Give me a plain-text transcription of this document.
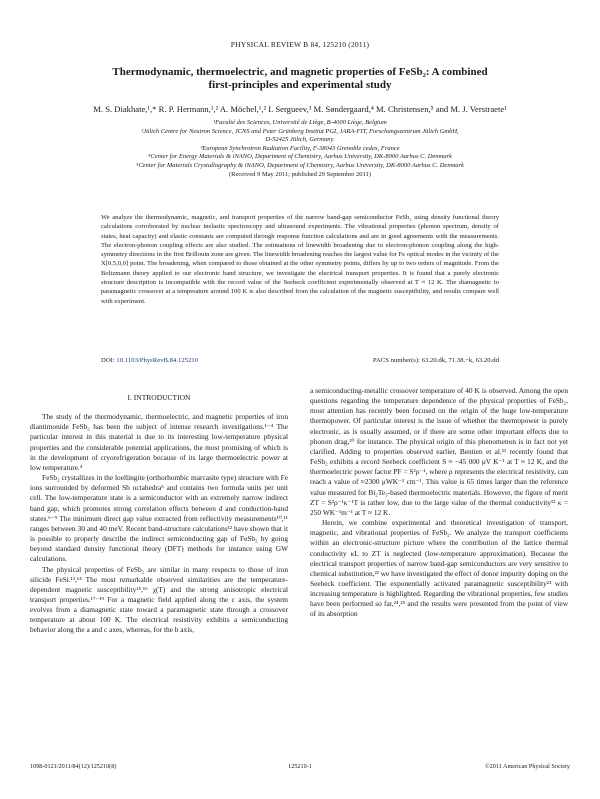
PHYSICAL REVIEW B 84, 125210 (2011)
Thermodynamic, thermoelectric, and magnetic properties of FeSb₂: A combined
first-principles and experimental study
M. S. Diakhate,¹,* R. P. Hermann,¹,² A. Möchel,¹,² I. Sergueev,³ M. Søndergaard,⁴ M. Christensen,⁵ and M. J. Verstraete¹
¹Faculté des Sciences, Université de Liège, B-4000 Liège, Belgium
²Jülich Centre for Neutron Science, JCNS and Peter Grünberg Institut PGI, JARA-FIT, Forschungszentrum Jülich GmbH,
D-52425 Jülich, Germany.
³European Synchrotron Radiation Facility, F-38043 Grenoble cedex, France
⁴Center for Energy Materials & iNANO, Department of Chemistry, Aarhus University, DK-8000 Aarhus C. Denmark
⁵Center for Materials Crystallography & iNANO, Department of Chemistry, Aarhus University, DK-8000 Aarhus C. Denmark
(Received 9 May 2011; published 29 September 2011)
We analyze the thermodynamic, magnetic, and transport properties of the narrow band-gap semiconductor FeSb₂ using density functional theory calculations corroborated by nuclear inelastic spectroscopy and ultrasound experiments. The vibrational properties (phonon spectrum, density of states, heat capacity) and elastic constants are computed through response function calculations and are in good agreements with the measurements. The electron-phonon coupling effects are also studied. The estimations of linewidth broadening due to electron-phonon coupling along the high-symmetry directions in the first Brillouin zone are given. The linewidth broadening reaches the largest value for Fe optical modes in the vicinity of the X[0.5,0,0] point. The broadening, when compared to those obtained at the other symmetry points, differs by up to two orders of magnitude. From the Boltzmann theory applied to our electronic band structure, we investigate the electrical transport properties. It is found that a purely electronic structure description is incompatible with the record value of the Seebeck coefficient experimentally observed at T ≈ 12 K. The diamagnetic to paramagnetic crossover at a temperature around 100 K is also described from the calculation of the magnetic susceptibility, and results compare well with experiment.
DOI: 10.1103/PhysRevB.84.125210	PACS number(s): 63.20.dk, 71.38.−k, 63.20.dd
I. INTRODUCTION

The study of the thermodynamic, thermoelectric, and magnetic properties of iron diantimonide FeSb₂ has been the subject of intense research investigations.¹⁻⁴ The particular interest in this material is due to its interesting low-temperature physical properties and the considerable potential applications, the most promising of which is in the development of cryorefrigeration because of its large thermoelectric power at low temperature.⁴

FeSb₂ crystallizes in the loellingite (orthorhombic marcasite type) structure with Fe ions surrounded by deformed Sb octahedra⁵ and contains two formula units per unit cell. The low-temperature state is a semiconductor with an extremely narrow indirect band gap, which promotes strong correlation effects between d and conduction-band states.⁶⁻⁹ The minimum direct gap value extracted from reflectivity measurements¹⁰,¹¹ ranges between 30 and 40 meV. Recent band-structure calculations¹² have shown that it is possible to properly describe the indirect semiconducting gap of FeSb₂ by going beyond standard density functional theory (DFT) methods for instance using GW calculations.

The physical properties of FeSb₂ are similar in many respects to those of iron silicide FeSi.¹³,¹⁴ The most remarkable observed similarities are the temperature-dependent magnetic susceptibility¹⁵,¹⁶ χ(T) and the strong anisotropic electrical transport properties.¹⁷⁻¹⁹ For a magnetic field applied along the c axis, the system evolves from a diamagnetic state toward a paramagnetic state through a crossover temperature at about 100 K. The electrical resistivity exhibits a semiconducting behavior along the a and c axes, whereas, for the b axis,

a semiconducting-metallic crossover temperature of 40 K is observed. Among the open questions regarding the temperature dependence of the physical properties of FeSb₂, most attention has recently been focused on the origin of the huge low-temperature thermopower. Of particular interest is the issue of whether the thermopower is purely electronic, as is usually assumed, or if there are some other important effects due to phonon drag,²⁰ for instance. The physical origin of this phenomenon is in fact not yet clarified. Adding to properties observed earlier, Bentien et al.²¹ recently found that FeSb₂ exhibits a record Seebeck coefficient S ≈ −45 000 μV K⁻¹ at T ≈ 12 K, and the thermoelectric power factor PF = S²ρ⁻¹, where ρ represents the electrical resistivity, can reach a value of ≈2300 μWK⁻² cm⁻¹. This value is 65 times larger than the reference value measured for Bi₂Te₃-based thermoelectric materials. However, the figure of merit ZT = S²ρ⁻¹κ⁻¹T is rather low, due to the large value of the thermal conductivity¹² κ = 250 WK⁻¹m⁻¹ at T ≈ 12 K.

Herein, we combine experimental and theoretical investigation of transport, magnetic, and vibrational properties of FeSb₂. We analyze the transport coefficients within an electronic-structure picture where the contribution of the lattice thermal conductivity κL to ZT is neglected (low-temperature approximation). Because the electrical transport properties of narrow band-gap semiconductors are very sensitive to chemical substitution,²² we have investigated the effect of donor impurity doping on the Seebeck coefficient. The exponentially activated paramagnetic susceptibility²³ with increasing temperature is highlighted. Regarding the vibrational properties, few studies have been performed so far,²⁴,²⁵ and the results were presented from the point of view of its absorption

1098-0121/2011/84(12)/125210(8)	125210-1	©2011 American Physical Society
